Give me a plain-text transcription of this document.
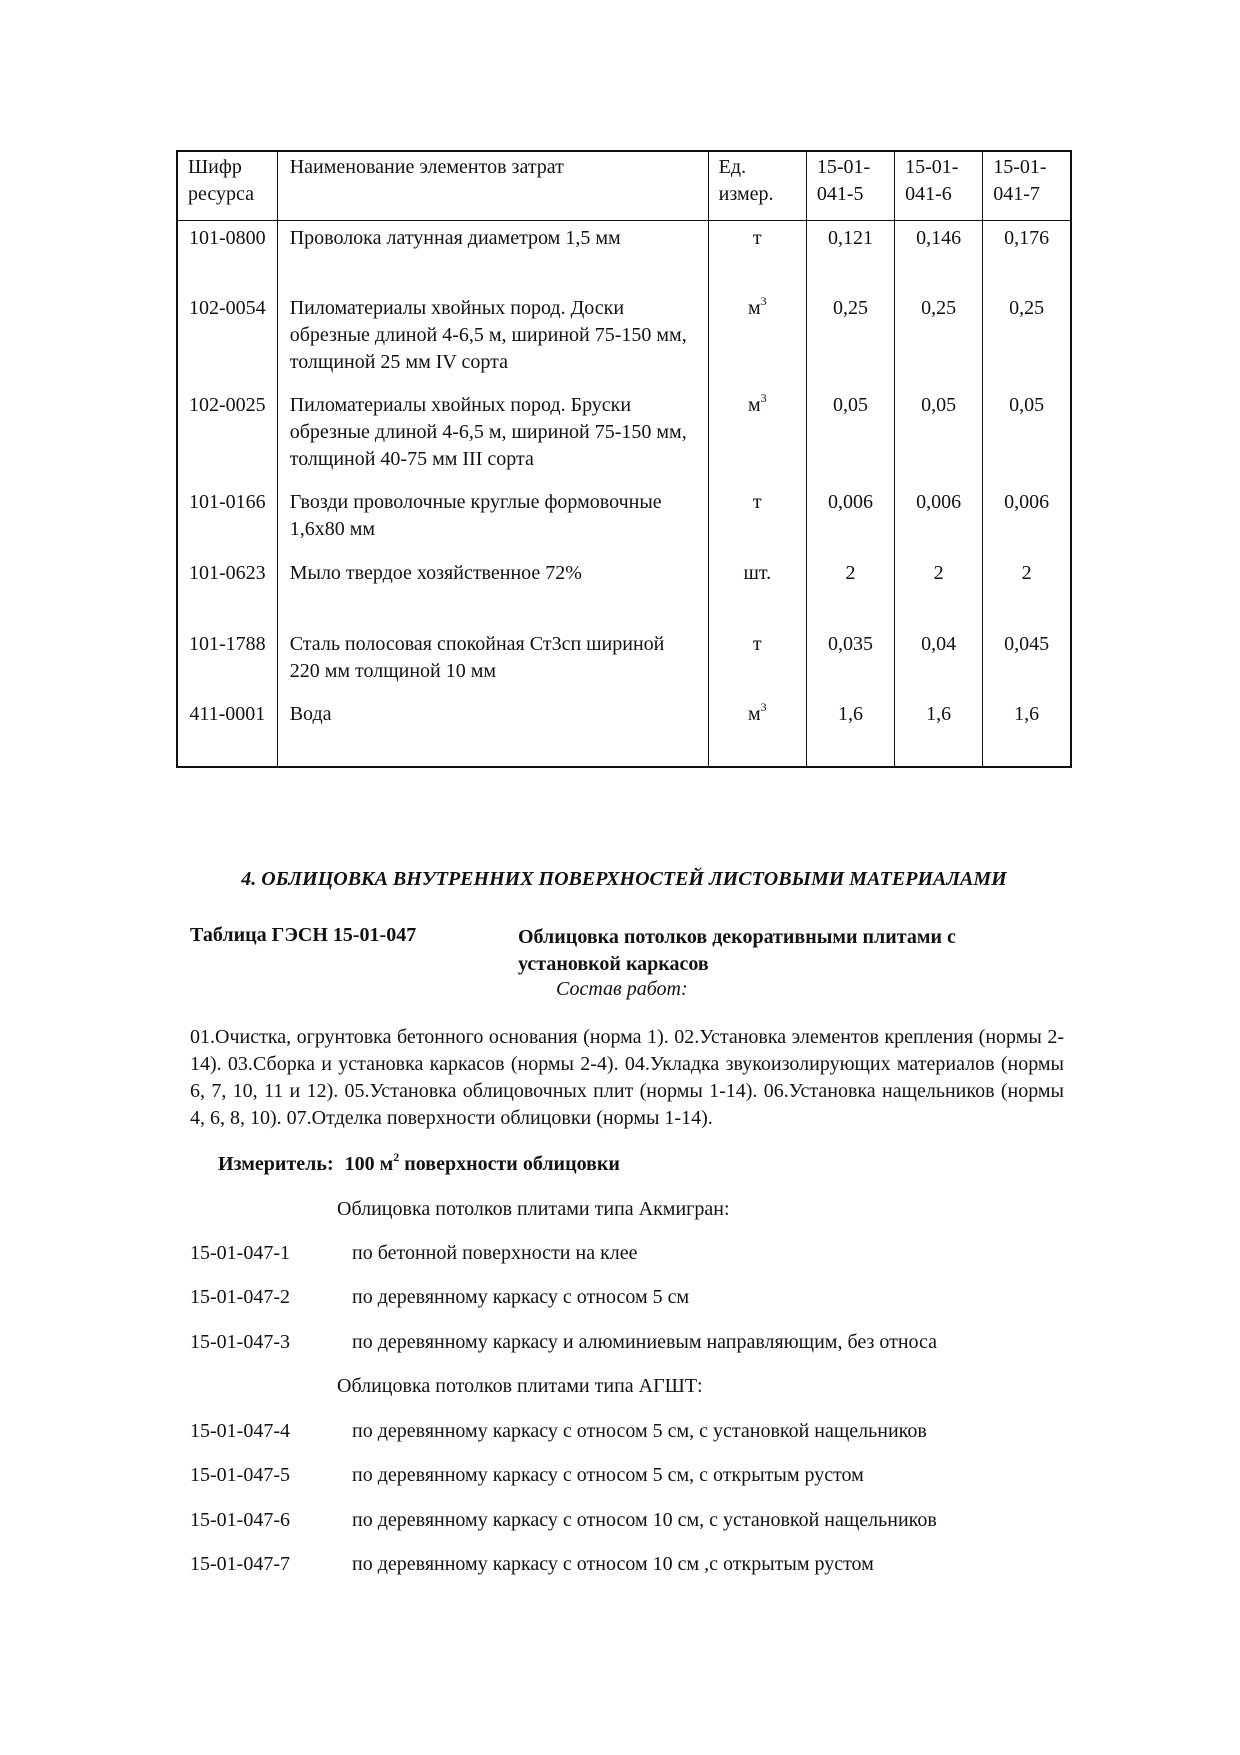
Шифр ресурса	Наименование элементов затрат	Ед. измер.	15-01-041-5	15-01-041-6	15-01-041-7
101-0800	Проволока латунная диаметром 1,5 мм	т	0,121	0,146	0,176
102-0054	Пиломатериалы хвойных пород. Доски обрезные длиной 4-6,5 м, шириной 75-150 мм, толщиной 25 мм IV сорта	$м^3$	0,25	0,25	0,25
102-0025	Пиломатериалы хвойных пород. Бруски обрезные длиной 4-6,5 м, шириной 75-150 мм, толщиной 40-75 мм III сорта	$м^3$	0,05	0,05	0,05
101-0166	Гвозди проволочные круглые формовочные 1,6х80 мм	т	0,006	0,006	0,006
101-0623	Мыло твердое хозяйственное 72%	шт.	2	2	2
101-1788	Сталь полосовая спокойная Ст3сп шириной 220 мм толщиной 10 мм	т	0,035	0,04	0,045
411-0001	Вода	$м^3$	1,6	1,6	1,6
4. ОБЛИЦОВКА ВНУТРЕННИХ ПОВЕРХНОСТЕЙ ЛИСТОВЫМИ МАТЕРИАЛАМИ
Таблица ГЭСН 15-01-047	Облицовка потолков декоративными плитами с установкой каркасов
Состав работ:
01.Очистка, огрунтовка бетонного основания (норма 1). 02.Установка элементов крепления (нормы 2-14). 03.Сборка и установка каркасов (нормы 2-4). 04.Укладка звукоизолирующих материалов (нормы 6, 7, 10, 11 и 12). 05.Установка облицовочных плит (нормы 1-14). 06.Установка нащельников (нормы 4, 6, 8, 10). 07.Отделка поверхности облицовки (нормы 1-14).
Измеритель: 100 $м^2$ поверхности облицовки
Облицовка потолков плитами типа Акмигран:
15-01-047-1	по бетонной поверхности на клее
15-01-047-2	по деревянному каркасу с относом 5 см
15-01-047-3	по деревянному каркасу и алюминиевым направляющим, без относа
Облицовка потолков плитами типа АГШТ:
15-01-047-4	по деревянному каркасу с относом 5 см, с установкой нащельников
15-01-047-5	по деревянному каркасу с относом 5 см, с открытым рустом
15-01-047-6	по деревянному каркасу с относом 10 см, с установкой нащельников
15-01-047-7	по деревянному каркасу с относом 10 см ,с открытым рустом
